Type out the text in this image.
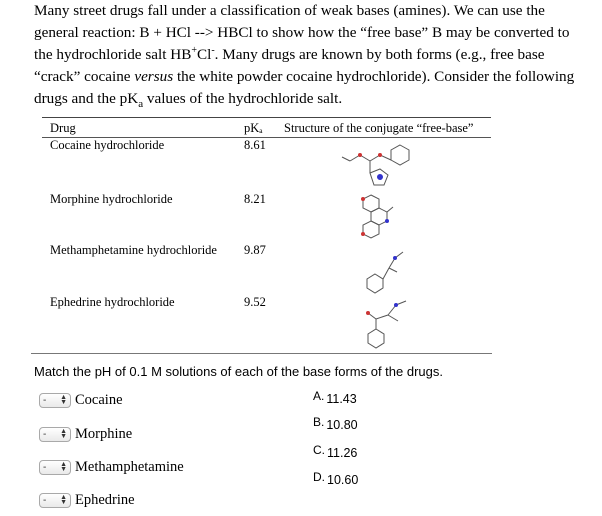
Many street drugs fall under a classification of weak bases (amines). We can use the general reaction: B + HCl --> HBCl to show how the “free base” B may be converted to the hydrochloride salt HB+Cl-. Many drugs are known by both forms (e.g., free base “crack” cocaine versus the white powder cocaine hydrochloride). Consider the following drugs and the $pK_a$ values of the hydrochloride salt.
Drug	pKₐ Structure of the conjugate “free-base”
Cocaine hydrochloride	8.61
Morphine hydrochloride	8.21
Methamphetamine hydrochloride 9.87
Ephedrine hydrochloride	9.52
Match the pH of 0.1 M solutions of each of the base forms of the drugs.
- ▲
▼ Cocaine
- ▲
▼ Morphine
- ▲
▼ Methamphetamine
- ▲
▼ Ephedrine
A. 11.43
B. 10.80
C. 11.26
D. 10.60
